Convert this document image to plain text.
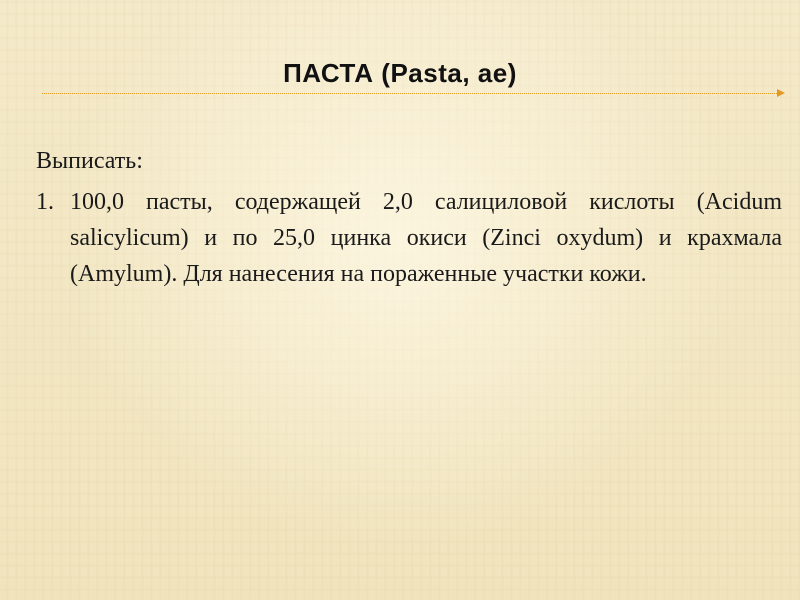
ПАСТА (Pasta, ae)

Выписать:

1. 100,0 пасты, содержащей 2,0 салициловой кислоты (Acidum salicylicum) и по 25,0 цинка окиси (Zinci oxydum) и крахмала (Amylum). Для нанесения на пораженные участки кожи.
